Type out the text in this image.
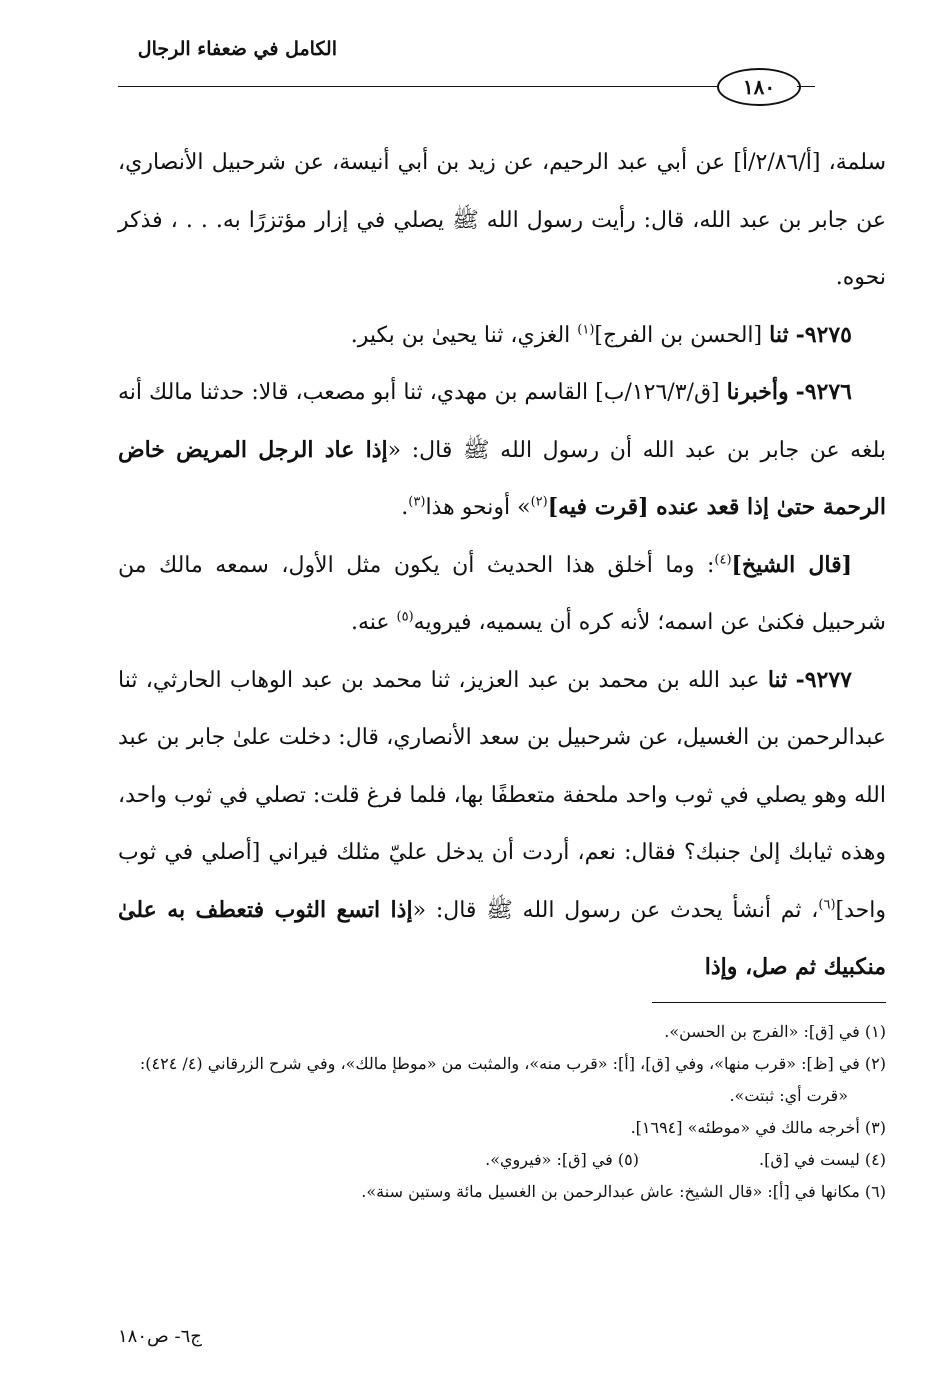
الكامل في ضعفاء الرجال
١٨٠

سلمة، [أ/٢/٨٦/أ] عن أبي عبد الرحيم، عن زيد بن أبي أنيسة، عن شرحبيل الأنصاري، عن جابر بن عبد الله، قال: رأيت رسول الله ﷺ يصلي في إزار مؤتزرًا به. . . ، فذكر نحوه.

٩٢٧٥- ثنا [الحسن بن الفرج]$^{(١)}$ الغزي، ثنا يحيىٰ بن بكير.

٩٢٧٦- وأخبرنا [ق/١٢٦/٣/ب] القاسم بن مهدي، ثنا أبو مصعب، قالا: حدثنا مالك أنه بلغه عن جابر بن عبد الله أن رسول الله ﷺ قال: «إذا عاد الرجل المريض خاض الرحمة حتىٰ إذا قعد عنده [قرت فيه]$^{(٢)}$» أونحو هذا$^{(٣)}$.

[قال الشيخ]$^{(٤)}$: وما أخلق هذا الحديث أن يكون مثل الأول، سمعه مالك من شرحبيل فكنىٰ عن اسمه؛ لأنه كره أن يسميه، فيرويه$^{(٥)}$ عنه.

٩٢٧٧- ثنا عبد الله بن محمد بن عبد العزيز، ثنا محمد بن عبد الوهاب الحارثي، ثنا عبدالرحمن بن الغسيل، عن شرحبيل بن سعد الأنصاري، قال: دخلت علىٰ جابر بن عبد الله وهو يصلي في ثوب واحد ملحفة متعطفًا بها، فلما فرغ قلت: تصلي في ثوب واحد، وهذه ثيابك إلىٰ جنبك؟ فقال: نعم، أردت أن يدخل عليّ مثلك فيراني [أصلي في ثوب واحد]$^{(٦)}$، ثم أنشأ يحدث عن رسول الله ﷺ قال: «إذا اتسع الثوب فتعطف به علىٰ منكبيك ثم صل، وإذا

(١) في [ق]: «الفرج بن الحسن».

(٢) في [ظ]: «قرب منها»، وفي [ق]، [أ]: «قرب منه»، والمثبت من «موطإ مالك»، وفي شرح الزرقاني (٤/ ٤٢٤): «قرت أي: ثبتت».

(٣) أخرجه مالك في «موطئه» [١٦٩٤].

(٤) ليست في [ق].
(٥) في [ق]: «فيروي».

(٦) مكانها في [أ]: «قال الشيخ: عاش عبدالرحمن بن الغسيل مائة وستين سنة».

ج٦- ص١٨٠
